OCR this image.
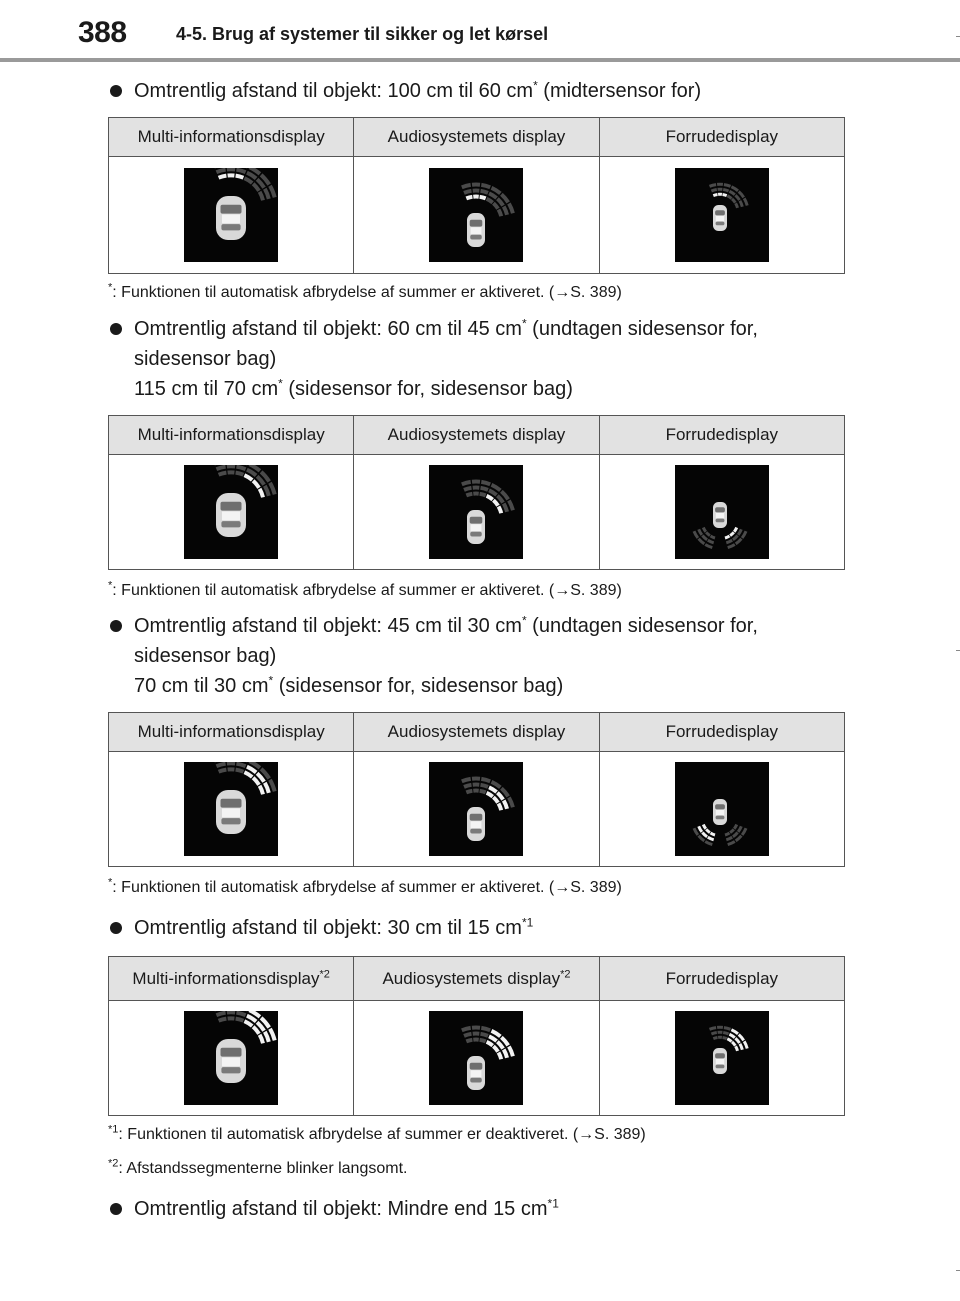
388	4-5. Brug af systemer til sikker og let kørsel
Omtrentlig afstand til objekt: 100 cm til 60 cm* (midtersensor for)
Multi-informationsdisplay	Audiosystemets display	Forrudedisplay

*: Funktionen til automatisk afbrydelse af summer er aktiveret. (→S. 389)
Omtrentlig afstand til objekt: 60 cm til 45 cm* (undtagen sidesensor for,
sidesensor bag)
115 cm til 70 cm* (sidesensor for, sidesensor bag)
Multi-informationsdisplay	Audiosystemets display	Forrudedisplay

*: Funktionen til automatisk afbrydelse af summer er aktiveret. (→S. 389)
Omtrentlig afstand til objekt: 45 cm til 30 cm* (undtagen sidesensor for,
sidesensor bag)
70 cm til 30 cm* (sidesensor for, sidesensor bag)
Multi-informationsdisplay	Audiosystemets display	Forrudedisplay

*: Funktionen til automatisk afbrydelse af summer er aktiveret. (→S. 389)
Omtrentlig afstand til objekt: 30 cm til 15 $cm^{*1}$
Multi-informationsdisplay$^{*2}$	Audiosystemets display$^{*2}$	Forrudedisplay

$^{*1}$: Funktionen til automatisk afbrydelse af summer er deaktiveret. (→S. 389)
$^{*2}$: Afstandssegmenterne blinker langsomt.
Omtrentlig afstand til objekt: Mindre end 15 $cm^{*1}$
